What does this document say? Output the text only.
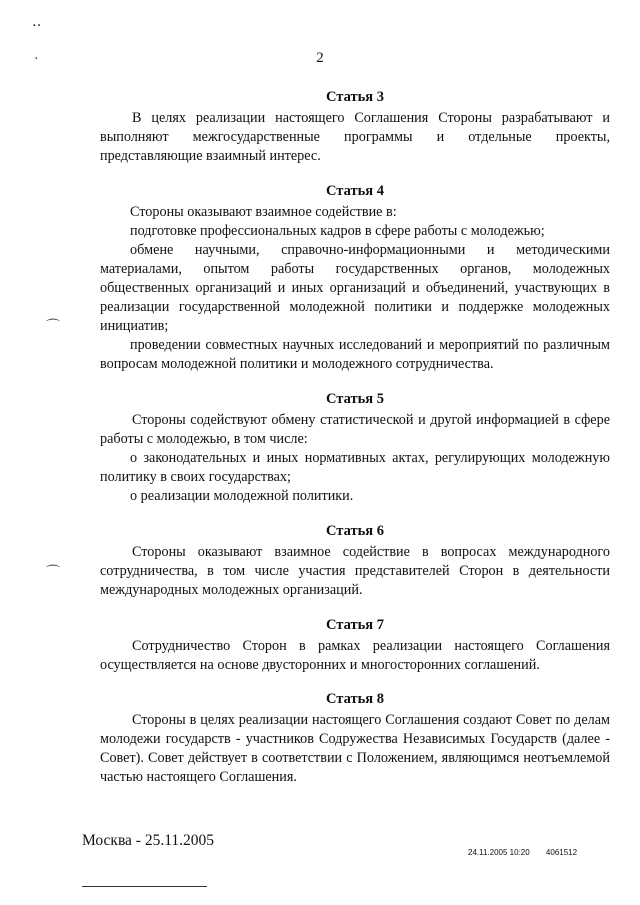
‥
·
⌒
⌒
2
Статья 3

В целях реализации настоящего Соглашения Стороны разрабатывают и выполняют межгосударственные программы и отдельные проекты, представляющие взаимный интерес.

Статья 4

Стороны оказывают взаимное содействие в:

подготовке профессиональных кадров в сфере работы с молодежью;

обмене научными, справочно-информационными и методическими материалами, опытом работы государственных органов, молодежных общественных организаций и иных организаций и объединений, участвующих в реализации государственной молодежной политики и поддержке молодежных инициатив;

проведении совместных научных исследований и мероприятий по различным вопросам молодежной политики и молодежного сотрудничества.

Статья 5

Стороны содействуют обмену статистической и другой информацией в сфере работы с молодежью, в том числе:

о законодательных и иных нормативных актах, регулирующих молодежную политику в своих государствах;

о реализации молодежной политики.

Статья 6

Стороны оказывают взаимное содействие в вопросах международного сотрудничества, в том числе участия представителей Сторон в деятельности международных молодежных организаций.

Статья 7

Сотрудничество Сторон в рамках реализации настоящего Соглашения осуществляется на основе двусторонних и многосторонних соглашений.

Статья 8

Стороны в целях реализации настоящего Соглашения создают Совет по делам молодежи государств - участников Содружества Независимых Государств (далее - Совет). Совет действует в соответствии с Положением, являющимся неотъемлемой частью настоящего Соглашения.

Москва - 25.11.2005
24.11.2005 10:20 4061512
